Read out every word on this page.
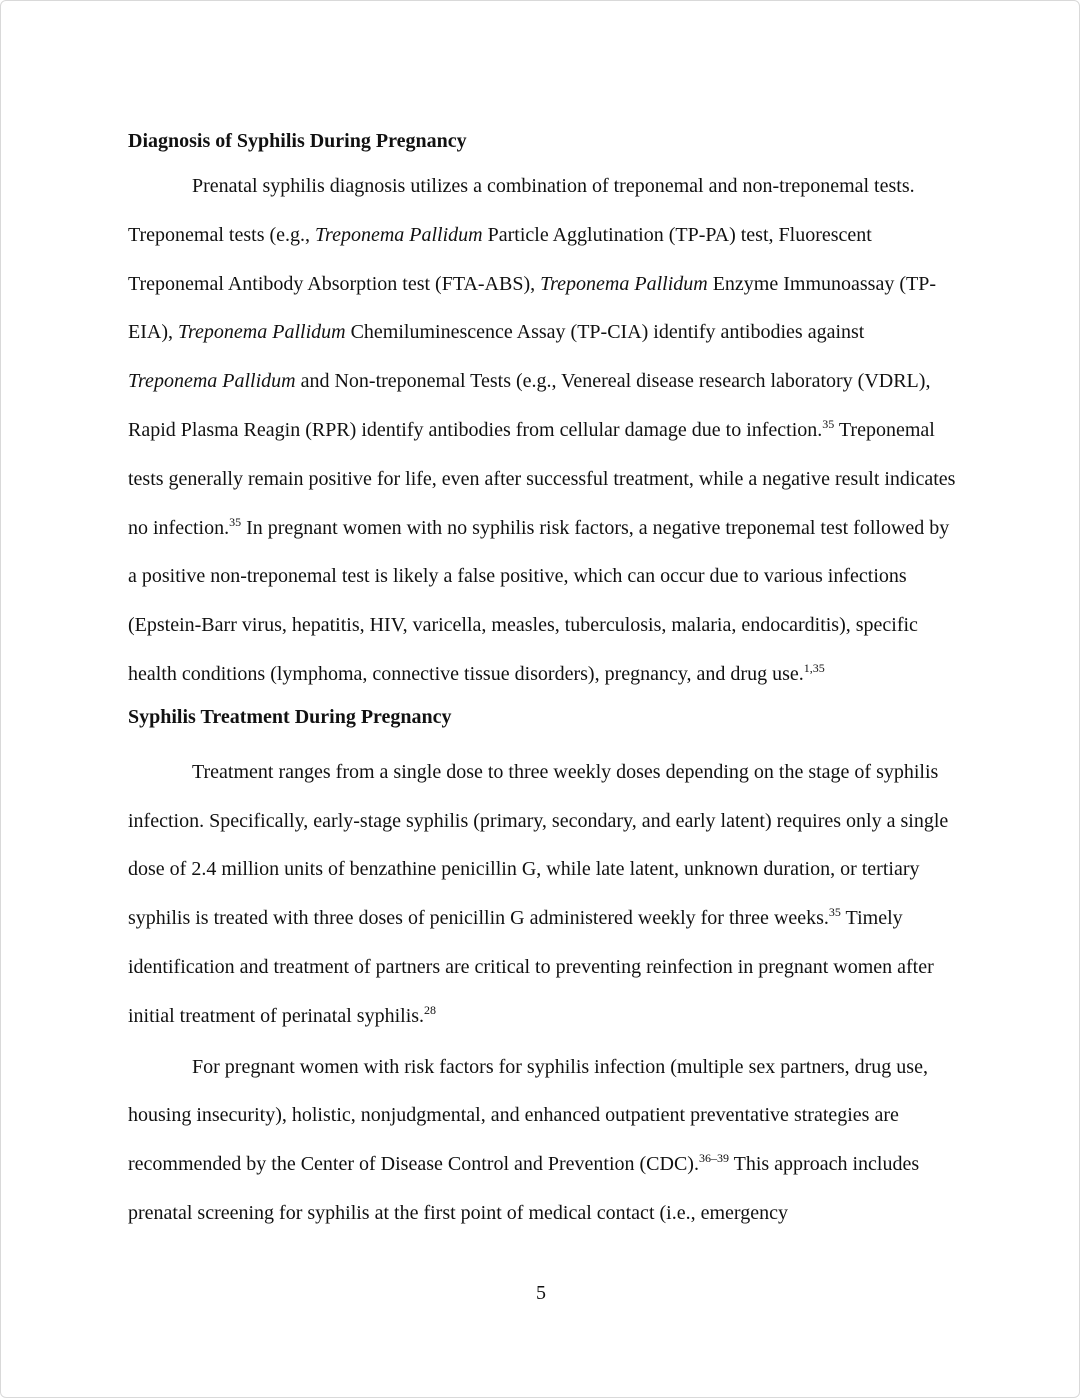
Diagnosis of Syphilis During Pregnancy

Prenatal syphilis diagnosis utilizes a combination of treponemal and non-treponemal tests. Treponemal tests (e.g., Treponema Pallidum Particle Agglutination (TP-PA) test, Fluorescent Treponemal Antibody Absorption test (FTA-ABS), Treponema Pallidum Enzyme Immunoassay (TP-EIA), Treponema Pallidum Chemiluminescence Assay (TP-CIA) identify antibodies against Treponema Pallidum and Non-treponemal Tests (e.g., Venereal disease research laboratory (VDRL), Rapid Plasma Reagin (RPR) identify antibodies from cellular damage due to infection.$^{35}$ Treponemal tests generally remain positive for life, even after successful treatment, while a negative result indicates no infection.$^{35}$ In pregnant women with no syphilis risk factors, a negative treponemal test followed by a positive non-treponemal test is likely a false positive, which can occur due to various infections (Epstein-Barr virus, hepatitis, HIV, varicella, measles, tuberculosis, malaria, endocarditis), specific health conditions (lymphoma, connective tissue disorders), pregnancy, and drug use.$^{1,35}$

Syphilis Treatment During Pregnancy

Treatment ranges from a single dose to three weekly doses depending on the stage of syphilis infection. Specifically, early-stage syphilis (primary, secondary, and early latent) requires only a single dose of 2.4 million units of benzathine penicillin G, while late latent, unknown duration, or tertiary syphilis is treated with three doses of penicillin G administered weekly for three weeks.$^{35}$ Timely identification and treatment of partners are critical to preventing reinfection in pregnant women after initial treatment of perinatal syphilis.$^{28}$

For pregnant women with risk factors for syphilis infection (multiple sex partners, drug use, housing insecurity), holistic, nonjudgmental, and enhanced outpatient preventative strategies are recommended by the Center of Disease Control and Prevention (CDC).$^{36-39}$ This approach includes prenatal screening for syphilis at the first point of medical contact (i.e., emergency

5
